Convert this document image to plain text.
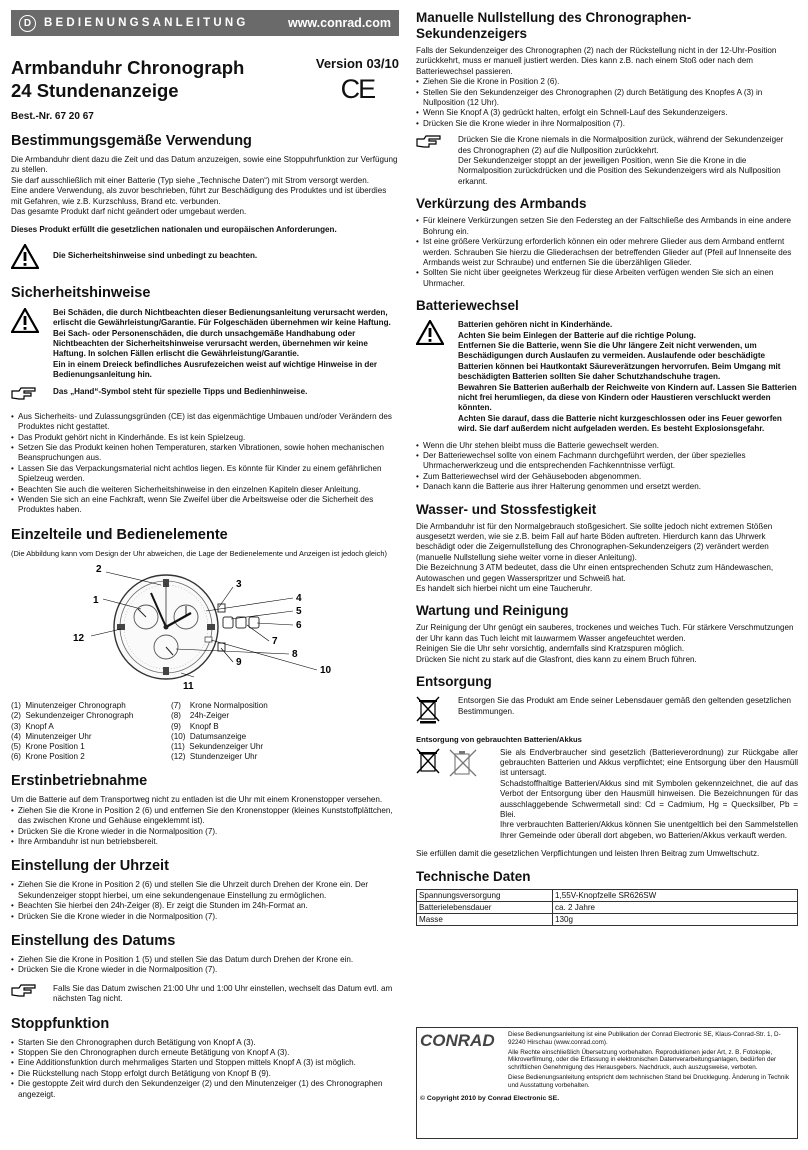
D	BEDIENUNGSANLEITUNG	www.conrad.com
Armbanduhr Chronograph
24 Stundenanzeige
Version 03/10
CE
Best.-Nr. 67 20 67
Bestimmungsgemäße Verwendung
Die Armbanduhr dient dazu die Zeit und das Datum anzuzeigen, sowie eine Stoppuhrfunktion zur Verfügung zu stellen.
Sie darf ausschließlich mit einer Batterie (Typ siehe „Technische Daten“) mit Strom versorgt werden.
Eine andere Verwendung, als zuvor beschrieben, führt zur Beschädigung des Produktes und ist überdies mit Gefahren, wie z.B. Kurzschluss, Brand etc. verbunden.
Das gesamte Produkt darf nicht geändert oder umgebaut werden.
Dieses Produkt erfüllt die gesetzlichen nationalen und europäischen Anforderungen.
Die Sicherheitshinweise sind unbedingt zu beachten.
Sicherheitshinweise
Bei Schäden, die durch Nichtbeachten dieser Bedienungsanleitung verursacht werden, erlischt die Gewährleistung/Garantie. Für Folgeschäden übernehmen wir keine Haftung.
Bei Sach- oder Personenschäden, die durch unsachgemäße Handhabung oder Nichtbeachten der Sicherheitshinweise verursacht werden, übernehmen wir keine Haftung. In solchen Fällen erlischt die Gewährleistung/Garantie.
Ein in einem Dreieck befindliches Ausrufezeichen weist auf wichtige Hinweise in der Bedienungsanleitung hin.
Das „Hand“-Symbol steht für spezielle Tipps und Bedienhinweise.
• Aus Sicherheits- und Zulassungsgründen (CE) ist das eigenmächtige Umbauen und/oder Verändern des Produktes nicht gestattet.
• Das Produkt gehört nicht in Kinderhände. Es ist kein Spielzeug.
• Setzen Sie das Produkt keinen hohen Temperaturen, starken Vibrationen, sowie hohen mechanischen Beanspruchungen aus.
• Lassen Sie das Verpackungsmaterial nicht achtlos liegen. Es könnte für Kinder zu einem gefährlichen Spielzeug werden.
• Beachten Sie auch die weiteren Sicherheitshinweise in den einzelnen Kapiteln dieser Anleitung.
• Wenden Sie sich an eine Fachkraft, wenn Sie Zweifel über die Arbeitsweise oder die Sicherheit des Produktes haben.
Einzelteile und Bedienelemente
(Die Abbildung kann vom Design der Uhr abweichen, die Lage der Bedienelemente und Anzeigen ist jedoch gleich)
1
2
3
4
5
6
7
8
9
10
11
12
(1)  Minutenzeiger Chronograph
(2)  Sekundenzeiger Chronograph
(3)  Knopf A
(4)  Minutenzeiger Uhr
(5)  Krone Position 1
(6)  Krone Position 2
(7)    Krone Normalposition
(8)    24h-Zeiger
(9)    Knopf B
(10)  Datumsanzeige
(11)  Sekundenzeiger Uhr
(12)  Stundenzeiger Uhr
Erstinbetriebnahme
Um die Batterie auf dem Transportweg nicht zu entladen ist die Uhr mit einem Kronenstopper versehen.
• Ziehen Sie die Krone in Position 2 (6) und entfernen Sie den Kronenstopper (kleines Kunststoffplättchen, das zwischen Krone und Gehäuse eingeklemmt ist).
• Drücken Sie die Krone wieder in die Normalposition (7).
• Ihre Armbanduhr ist nun betriebsbereit.
Einstellung der Uhrzeit
• Ziehen Sie die Krone in Position 2 (6) und stellen Sie die Uhrzeit durch Drehen der Krone ein. Der Sekundenzeiger stoppt hierbei, um eine sekundengenaue Einstellung zu ermöglichen.
• Beachten Sie hierbei den 24h-Zeiger (8). Er zeigt die Stunden im 24h-Format an.
• Drücken Sie die Krone wieder in die Normalposition (7).
Einstellung des Datums
• Ziehen Sie die Krone in Position 1 (5) und stellen Sie das Datum durch Drehen der Krone ein.
• Drücken Sie die Krone wieder in die Normalposition (7).
Falls Sie das Datum zwischen 21:00 Uhr und 1:00 Uhr einstellen, wechselt das Datum evtl. am nächsten Tag nicht.
Stoppfunktion
• Starten Sie den Chronographen durch Betätigung von Knopf A (3).
• Stoppen Sie den Chronographen durch erneute Betätigung von Knopf A (3).
• Eine Additionsfunktion durch mehrmaliges Starten und Stoppen mittels Knopf A (3) ist möglich.
• Die Rückstellung nach Stopp erfolgt durch Betätigung von Knopf B (9).
• Die gestoppte Zeit wird durch den Sekundenzeiger (2) und den Minutenzeiger (1) des Chronographen angezeigt.
Manuelle Nullstellung des Chronographen-Sekundenzeigers
Falls der Sekundenzeiger des Chronographen (2) nach der Rückstellung nicht in der 12-Uhr-Position zurückkehrt, muss er manuell justiert werden. Dies kann z.B. nach einem Stoß oder nach dem Batteriewechsel passieren.
• Ziehen Sie die Krone in Position 2 (6).
• Stellen Sie den Sekundenzeiger des Chronographen (2) durch Betätigung des Knopfes A (3) in Nullposition (12 Uhr).
• Wenn Sie Knopf A (3) gedrückt halten, erfolgt ein Schnell-Lauf des Sekundenzeigers.
• Drücken Sie die Krone wieder in ihre Normalposition (7).
Drücken Sie die Krone niemals in die Normalposition zurück, während der Sekundenzeiger des Chronographen (2) auf die Nullposition zurückkehrt.
Der Sekundenzeiger stoppt an der jeweiligen Position, wenn Sie die Krone in die Normalposition zurückdrücken und die Position des Sekundenzeigers wird als Nullposition erkannt.
Verkürzung des Armbands
• Für kleinere Verkürzungen setzen Sie den Federsteg an der Faltschließe des Armbands in eine andere Bohrung ein.
• Ist eine größere Verkürzung erforderlich können ein oder mehrere Glieder aus dem Armband entfernt werden. Schrauben Sie hierzu die Gliederachsen der betreffenden Glieder auf (Pfeil auf Innenseite des Armbands weist zur Schraube) und entfernen Sie die überzähligen Glieder.
• Sollten Sie nicht über geeignetes Werkzeug für diese Arbeiten verfügen wenden Sie sich an einen Uhrmacher.
Batteriewechsel
Batterien gehören nicht in Kinderhände.
Achten Sie beim Einlegen der Batterie auf die richtige Polung.
Entfernen Sie die Batterie, wenn Sie die Uhr längere Zeit nicht verwenden, um Beschädigungen durch Auslaufen zu vermeiden. Auslaufende oder beschädigte Batterien können bei Hautkontakt Säureverätzungen hervorrufen. Beim Umgang mit beschädigten Batterien sollten Sie daher Schutzhandschuhe tragen.
Bewahren Sie Batterien außerhalb der Reichweite von Kindern auf. Lassen Sie Batterien nicht frei herumliegen, da diese von Kindern oder Haustieren verschluckt werden könnten.
Achten Sie darauf, dass die Batterie nicht kurzgeschlossen oder ins Feuer geworfen wird. Sie darf außerdem nicht aufgeladen werden. Es besteht Explosionsgefahr.
• Wenn die Uhr stehen bleibt muss die Batterie gewechselt werden.
• Der Batteriewechsel sollte von einem Fachmann durchgeführt werden, der über spezielles Uhrmacherwerkzeug und die entsprechenden Fachkenntnisse verfügt.
• Zum Batteriewechsel wird der Gehäuseboden abgenommen.
• Danach kann die Batterie aus ihrer Halterung genommen und ersetzt werden.
Wasser- und Stossfestigkeit
Die Armbanduhr ist für den Normalgebrauch stoßgesichert. Sie sollte jedoch nicht extremen Stößen ausgesetzt werden, wie sie z.B. beim Fall auf harte Böden auftreten. Hierdurch kann das Uhrwerk beschädigt oder die Zeigernullstellung des Chronographen-Sekundenzeigers (2) verändert werden (manuelle Nullstellung siehe weiter vorne in dieser Anleitung).
Die Bezeichnung 3 ATM bedeutet, dass die Uhr einen entsprechenden Schutz zum Händewaschen, Autowaschen und gegen Wasserspritzer und Schweiß hat.
Es handelt sich hierbei nicht um eine Taucheruhr.
Wartung und Reinigung
Zur Reinigung der Uhr genügt ein sauberes, trockenes und weiches Tuch. Für stärkere Verschmutzungen der Uhr kann das Tuch leicht mit lauwarmem Wasser angefeuchtet werden.
Reinigen Sie die Uhr sehr vorsichtig, andernfalls sind Kratzspuren möglich.
Drücken Sie nicht zu stark auf die Glasfront, dies kann zu einem Bruch führen.
Entsorgung
Entsorgen Sie das Produkt am Ende seiner Lebensdauer gemäß den geltenden gesetzlichen Bestimmungen.
Entsorgung von gebrauchten Batterien/Akkus
Sie als Endverbraucher sind gesetzlich (Batterieverordnung) zur Rückgabe aller gebrauchten Batterien und Akkus verpflichtet; eine Entsorgung über den Hausmüll ist untersagt.
Schadstoffhaltige Batterien/Akkus sind mit Symbolen gekennzeichnet, die auf das Verbot der Entsorgung über den Hausmüll hinweisen. Die Bezeichnungen für das ausschlaggebende Schwermetall sind: Cd = Cadmium, Hg = Quecksilber, Pb = Blei.
Ihre verbrauchten Batterien/Akkus können Sie unentgeltlich bei den Sammelstellen Ihrer Gemeinde oder überall dort abgeben, wo Batterien/Akkus verkauft werden.
Sie erfüllen damit die gesetzlichen Verpflichtungen und leisten Ihren Beitrag zum Umweltschutz.
Technische Daten
Spannungsversorgung	1,55V-Knopfzelle SR626SW
Batterielebensdauer	ca. 2 Jahre
Masse	130g
CONRAD	Diese Bedienungsanleitung ist eine Publikation der Conrad Electronic SE, Klaus-Conrad-Str. 1, D-92240 Hirschau (www.conrad.com).

Alle Rechte einschließlich Übersetzung vorbehalten. Reproduktionen jeder Art, z. B. Fotokopie, Mikroverfilmung, oder die Erfassung in elektronischen Datenverarbeitungsanlagen, bedürfen der schriftlichen Genehmigung des Herausgebers. Nachdruck, auch auszugsweise, verboten.

Diese Bedienungsanleitung entspricht dem technischen Stand bei Drucklegung. Änderung in Technik und Ausstattung vorbehalten.

© Copyright 2010 by Conrad Electronic SE.
